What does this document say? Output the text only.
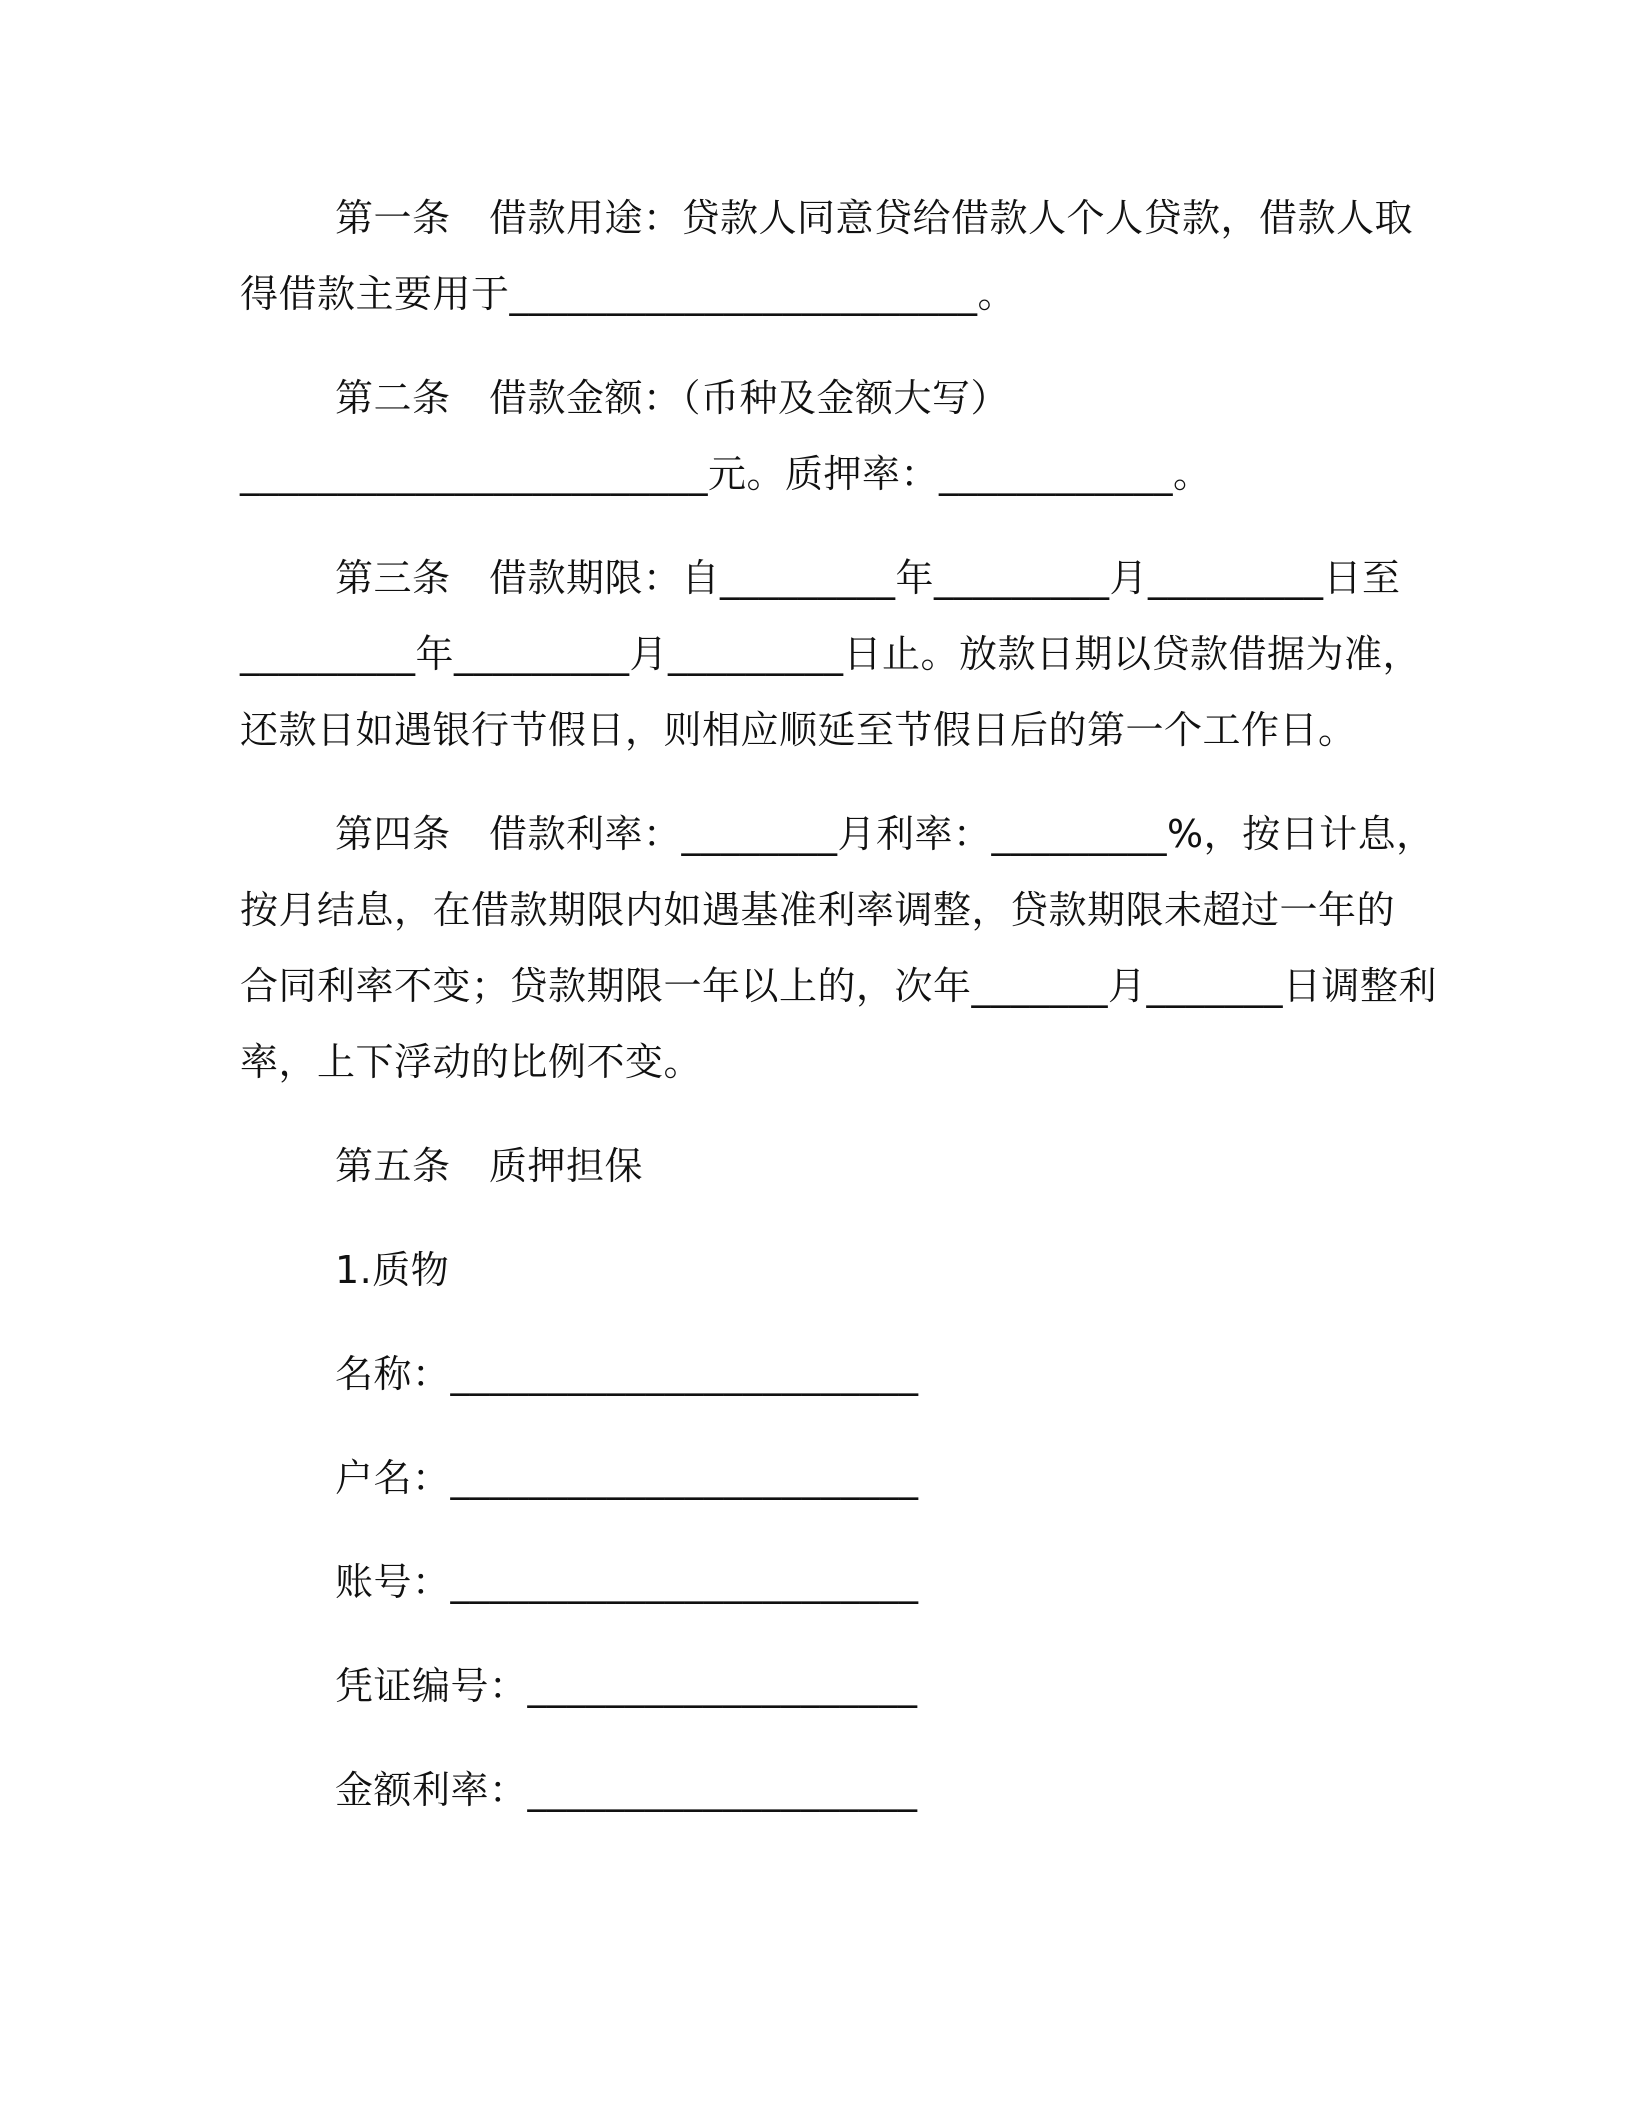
第一条　借款用途：贷款人同意贷给借款人个人贷款，借款人取
得借款主要用于________________________。
第二条　借款金额：（币种及金额大写）
________________________元。质押率：____________。
第三条　借款期限：自_________年_________月_________日至
_________年_________月_________日止。放款日期以贷款借据为准，
还款日如遇银行节假日，则相应顺延至节假日后的第一个工作日。
第四条　借款利率：________月利率：_________%，按日计息，
按月结息，在借款期限内如遇基准利率调整，贷款期限未超过一年的
合同利率不变；贷款期限一年以上的，次年_______月_______日调整利
率，上下浮动的比例不变。
第五条　质押担保
1.质物
名称：________________________
户名：________________________
账号：________________________
凭证编号：____________________
金额利率：____________________
